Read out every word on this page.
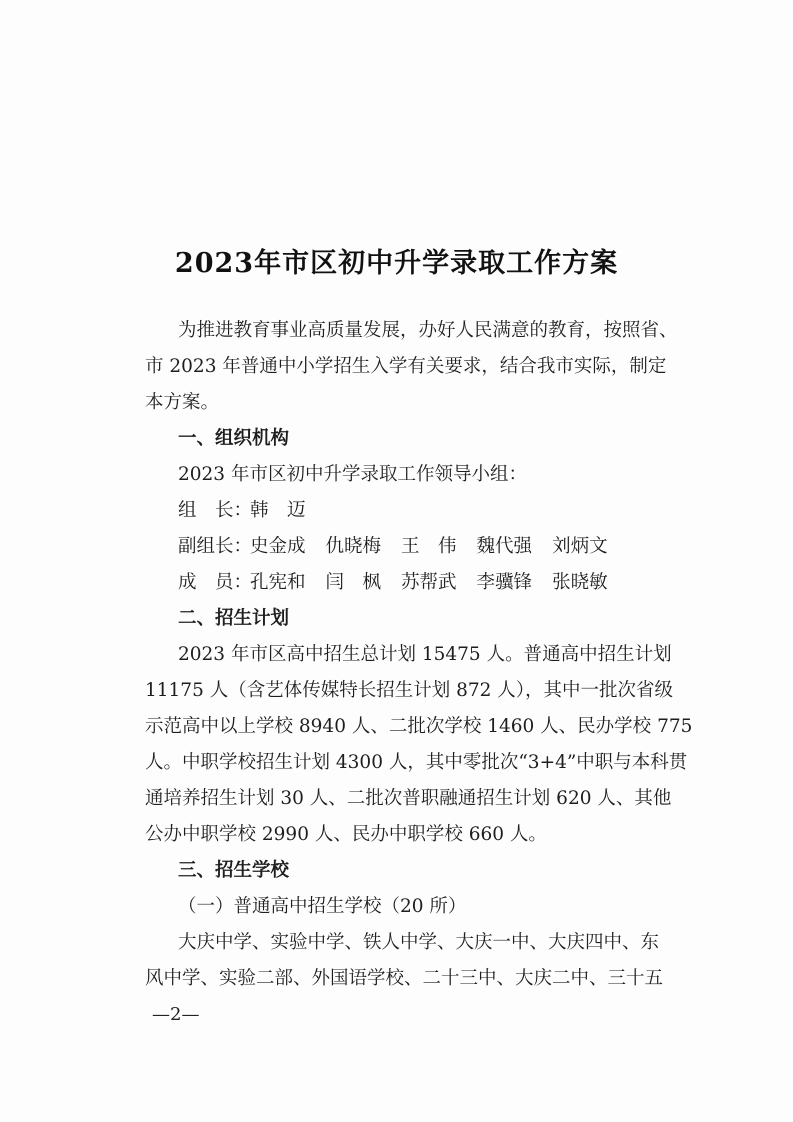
2023年市区初中升学录取工作方案
为推进教育事业高质量发展，办好人民满意的教育，按照省、
市 2023 年普通中小学招生入学有关要求，结合我市实际，制定
本方案。
一、组织机构
2023 年市区初中升学录取工作领导小组：
组　长：韩　迈
副组长：史金成 仇晓梅 王　伟 魏代强 刘炳文
成　员：孔宪和 闫　枫 苏帮武 李骥锋 张晓敏
二、招生计划
2023 年市区高中招生总计划 15475 人。普通高中招生计划
11175 人（含艺体传媒特长招生计划 872 人），其中一批次省级
示范高中以上学校 8940 人、二批次学校 1460 人、民办学校 775
人。中职学校招生计划 4300 人，其中零批次“3+4”中职与本科贯
通培养招生计划 30 人、二批次普职融通招生计划 620 人、其他
公办中职学校 2990 人、民办中职学校 660 人。
三、招生学校
（一）普通高中招生学校（20 所）
大庆中学、实验中学、铁人中学、大庆一中、大庆四中、东
风中学、实验二部、外国语学校、二十三中、大庆二中、三十五
—2—
